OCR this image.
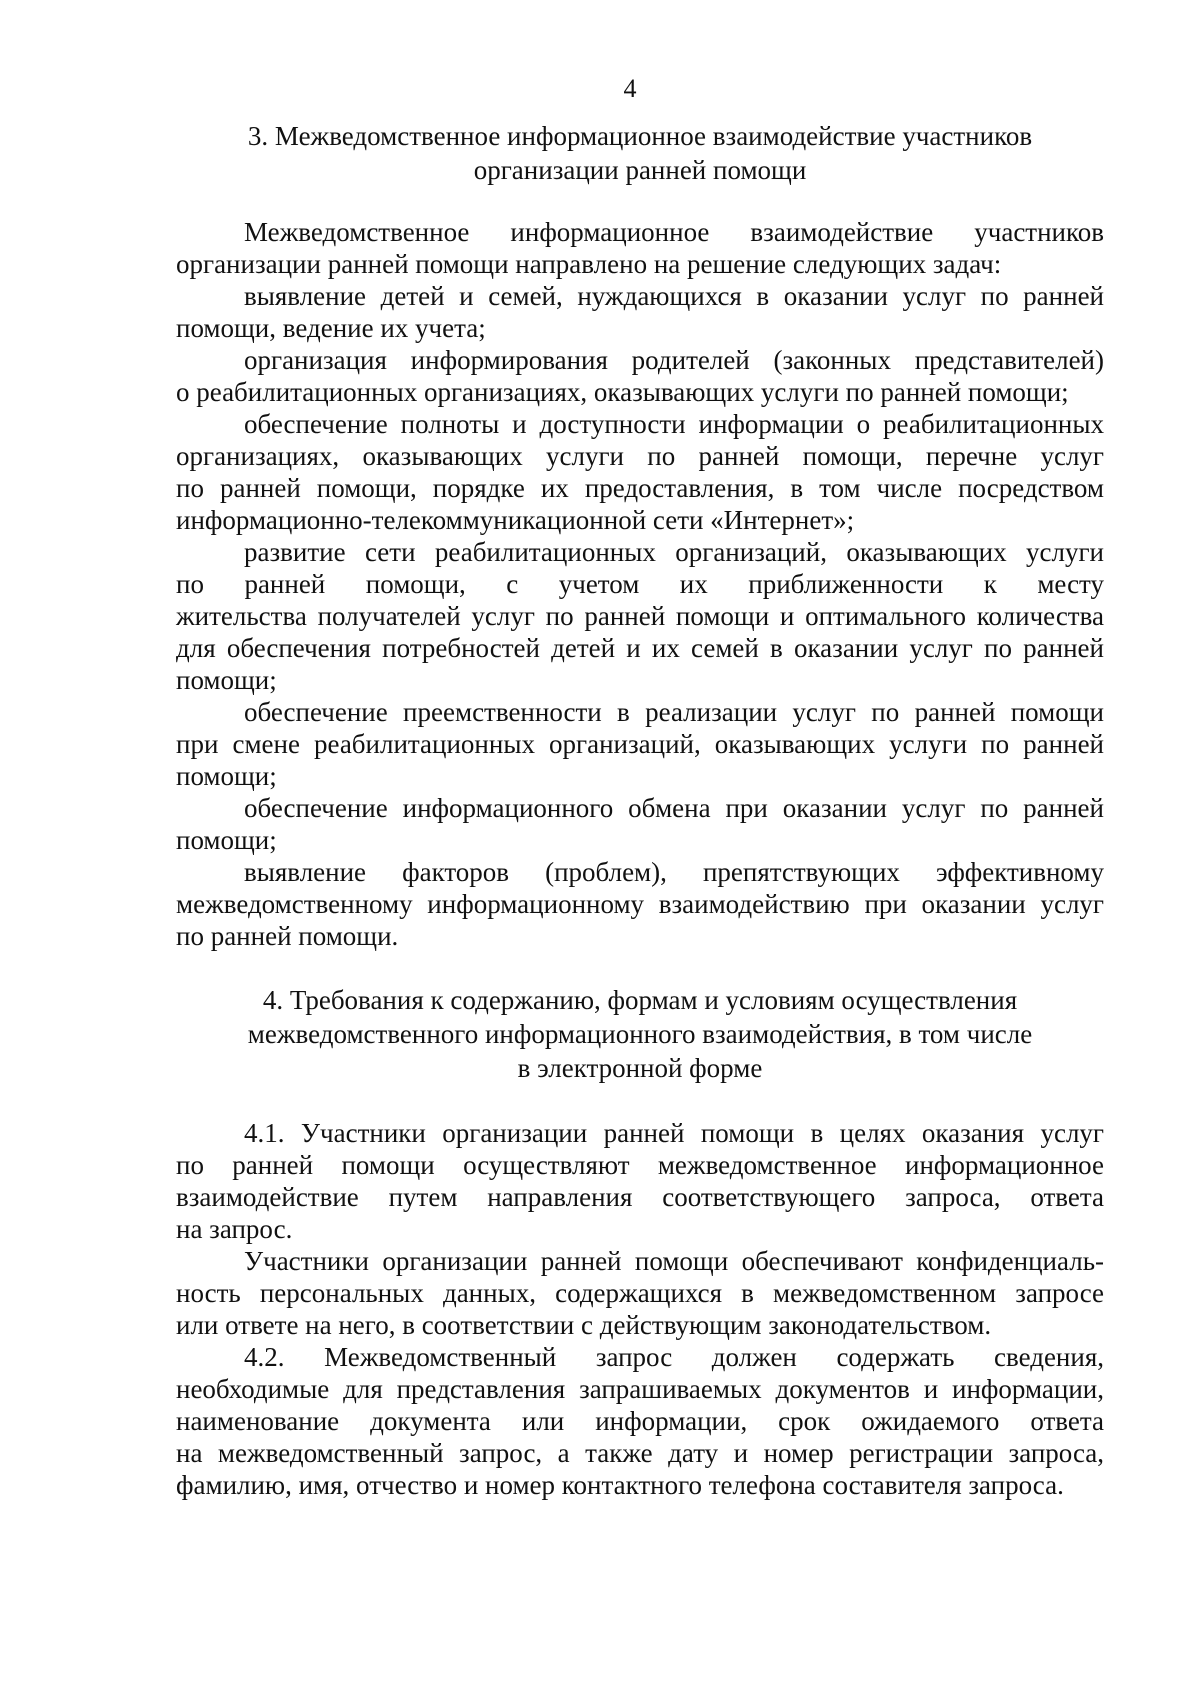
4
3. Межведомственное информационное взаимодействие участников
организации ранней помощи
Межведомственное информационное взаимодействие участников
организации ранней помощи направлено на решение следующих задач:
выявление детей и семей, нуждающихся в оказании услуг по ранней
помощи, ведение их учета;
организация информирования родителей (законных представителей)
о реабилитационных организациях, оказывающих услуги по ранней помощи;
обеспечение полноты и доступности информации о реабилитационных
организациях, оказывающих услуги по ранней помощи, перечне услуг
по ранней помощи, порядке их предоставления, в том числе посредством
информационно-телекоммуникационной сети «Интернет»;
развитие сети реабилитационных организаций, оказывающих услуги
по ранней помощи, с учетом их приближенности к месту
жительства получателей услуг по ранней помощи и оптимального количества
для обеспечения потребностей детей и их семей в оказании услуг по ранней
помощи;
обеспечение преемственности в реализации услуг по ранней помощи
при смене реабилитационных организаций, оказывающих услуги по ранней
помощи;
обеспечение информационного обмена при оказании услуг по ранней
помощи;
выявление факторов (проблем), препятствующих эффективному
межведомственному информационному взаимодействию при оказании услуг
по ранней помощи.
4. Требования к содержанию, формам и условиям осуществления
межведомственного информационного взаимодействия, в том числе
в электронной форме
4.1. Участники организации ранней помощи в целях оказания услуг
по ранней помощи осуществляют межведомственное информационное
взаимодействие путем направления соответствующего запроса, ответа
на запрос.
Участники организации ранней помощи обеспечивают конфиденциаль-
ность персональных данных, содержащихся в межведомственном запросе
или ответе на него, в соответствии с действующим законодательством.
4.2. Межведомственный запрос должен содержать сведения,
необходимые для представления запрашиваемых документов и информации,
наименование документа или информации, срок ожидаемого ответа
на межведомственный запрос, а также дату и номер регистрации запроса,
фамилию, имя, отчество и номер контактного телефона составителя запроса.
